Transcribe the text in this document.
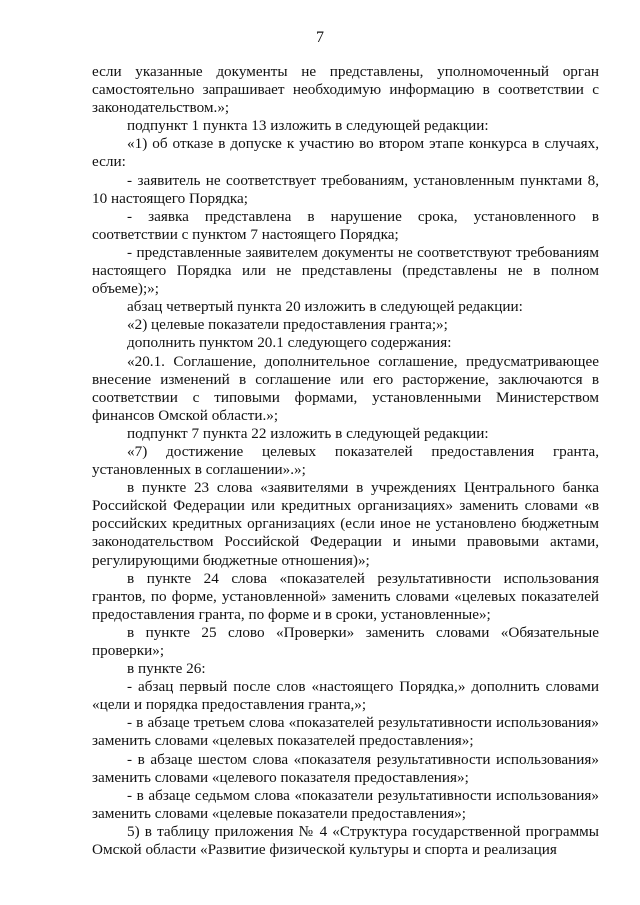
7

если указанные документы не представлены, уполномоченный орган самостоятельно запрашивает необходимую информацию в соответствии с законодательством.»;

подпункт 1 пункта 13 изложить в следующей редакции:

«1) об отказе в допуске к участию во втором этапе конкурса в случаях, если:

- заявитель не соответствует требованиям, установленным пунктами 8, 10 настоящего Порядка;

- заявка представлена в нарушение срока, установленного в соответствии с пунктом 7 настоящего Порядка;

- представленные заявителем документы не соответствуют требованиям настоящего Порядка или не представлены (представлены не в полном объеме);»;

абзац четвертый пункта 20 изложить в следующей редакции:

«2) целевые показатели предоставления гранта;»;

дополнить пунктом 20.1 следующего содержания:

«20.1. Соглашение, дополнительное соглашение, предусматривающее внесение изменений в соглашение или его расторжение, заключаются в соответствии с типовыми формами, установленными Министерством финансов Омской области.»;

подпункт 7 пункта 22 изложить в следующей редакции:

«7) достижение целевых показателей предоставления гранта, установленных в соглашении».»;

в пункте 23 слова «заявителями в учреждениях Центрального банка Российской Федерации или кредитных организациях» заменить словами «в российских кредитных организациях (если иное не установлено бюджетным законодательством Российской Федерации и иными правовыми актами, регулирующими бюджетные отношения)»;

в пункте 24 слова «показателей результативности использования грантов, по форме, установленной» заменить словами «целевых показателей предоставления гранта, по форме и в сроки, установленные»;

в пункте 25 слово «Проверки» заменить словами «Обязательные проверки»;

в пункте 26:

- абзац первый после слов «настоящего Порядка,» дополнить словами «цели и порядка предоставления гранта,»;

- в абзаце третьем слова «показателей результативности использования» заменить словами «целевых показателей предоставления»;

- в абзаце шестом слова «показателя результативности использования» заменить словами «целевого показателя предоставления»;

- в абзаце седьмом слова «показатели результативности использования» заменить словами «целевые показатели предоставления»;

5) в таблицу приложения № 4 «Структура государственной программы Омской области «Развитие физической культуры и спорта и реализация
